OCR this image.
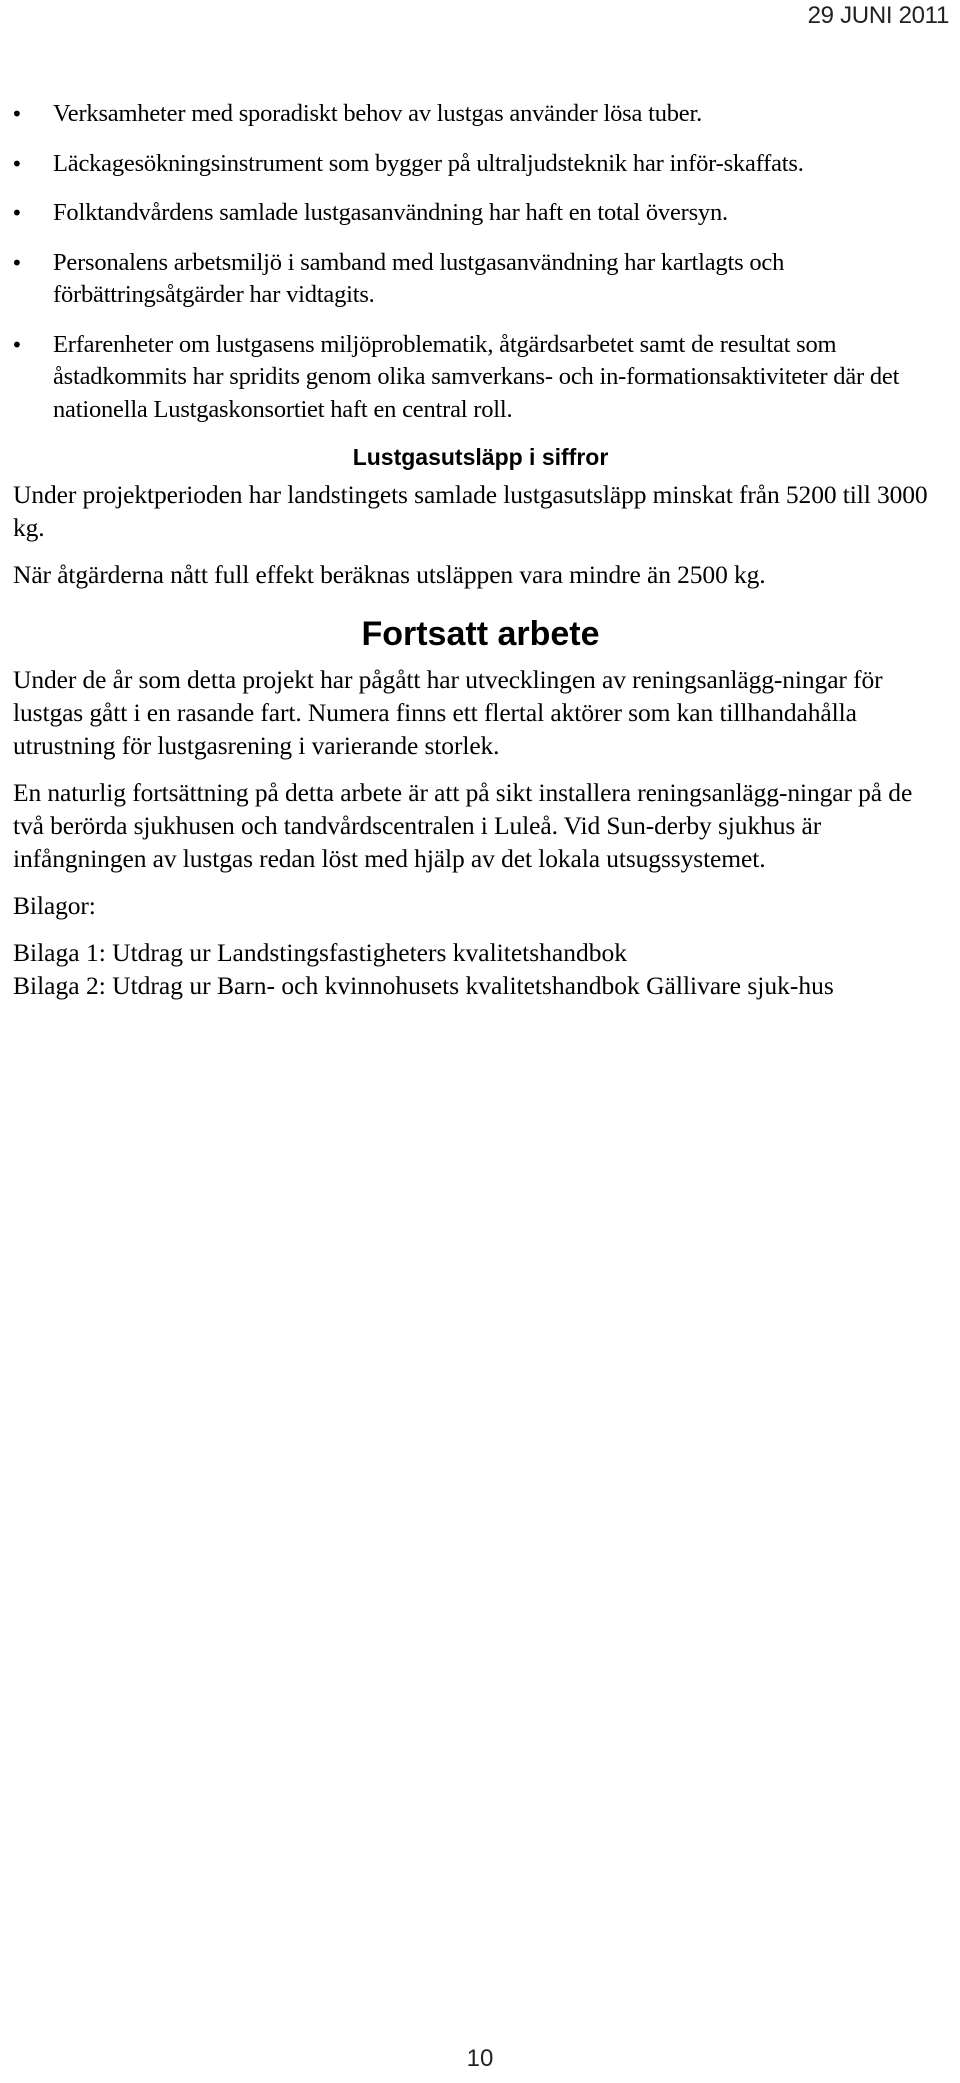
29 JUNI 2011
• Verksamheter med sporadiskt behov av lustgas använder lösa tuber.
• Läckagesökningsinstrument som bygger på ultraljudsteknik har inför-skaffats.
• Folktandvårdens samlade lustgasanvändning har haft en total översyn.
• Personalens arbetsmiljö i samband med lustgasanvändning har kartlagts och förbättringsåtgärder har vidtagits.
• Erfarenheter om lustgasens miljöproblematik, åtgärdsarbetet samt de resultat som åstadkommits har spridits genom olika samverkans- och in-formationsaktiviteter där det nationella Lustgaskonsortiet haft en central roll.
Lustgasutsläpp i siffror

Under projektperioden har landstingets samlade lustgasutsläpp minskat från 5200 till 3000 kg.

När åtgärderna nått full effekt beräknas utsläppen vara mindre än 2500 kg.

Fortsatt arbete

Under de år som detta projekt har pågått har utvecklingen av reningsanlägg-ningar för lustgas gått i en rasande fart. Numera finns ett flertal aktörer som kan tillhandahålla utrustning för lustgasrening i varierande storlek.

En naturlig fortsättning på detta arbete är att på sikt installera reningsanlägg-ningar på de två berörda sjukhusen och tandvårdscentralen i Luleå. Vid Sun-derby sjukhus är infångningen av lustgas redan löst med hjälp av det lokala utsugssystemet.

Bilagor:

Bilaga 1: Utdrag ur Landstingsfastigheters kvalitetshandbok
Bilaga 2: Utdrag ur Barn- och kvinnohusets kvalitetshandbok Gällivare sjuk-hus
10
